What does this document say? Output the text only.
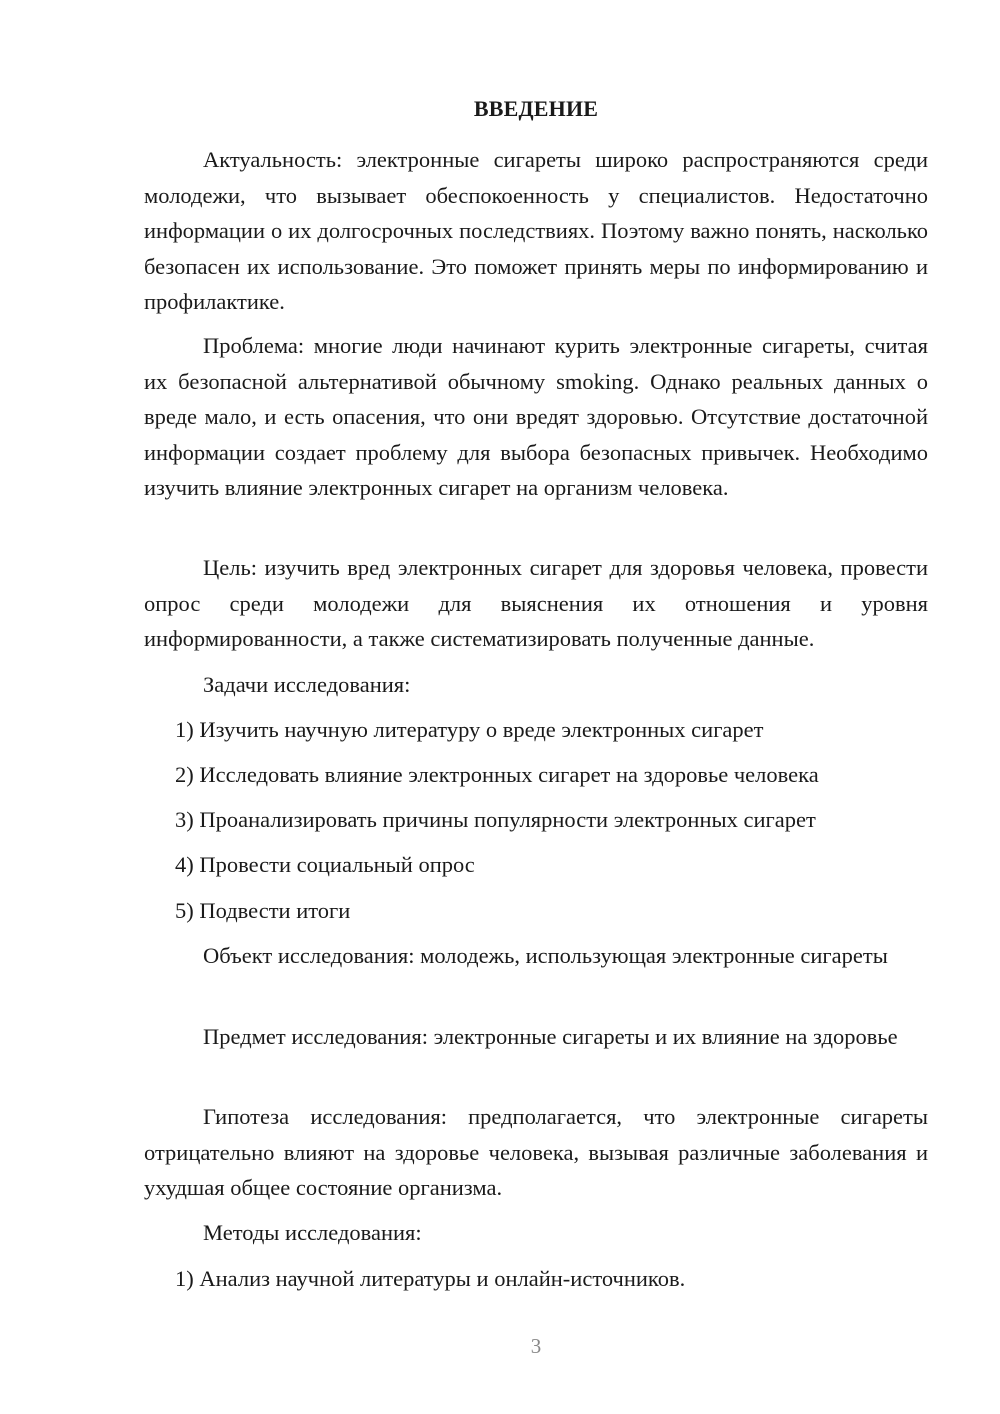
ВВЕДЕНИЕ

Актуальность: электронные сигареты широко распространяются среди молодежи, что вызывает обеспокоенность у специалистов. Недостаточно информации о их долгосрочных последствиях. Поэтому важно понять, насколько безопасен их использование. Это поможет принять меры по информированию и профилактике.

Проблема: многие люди начинают курить электронные сигареты, считая их безопасной альтернативой обычному smoking. Однако реальных данных о вреде мало, и есть опасения, что они вредят здоровью. Отсутствие достаточной информации создает проблему для выбора безопасных привычек. Необходимо изучить влияние электронных сигарет на организм человека.

Цель: изучить вред электронных сигарет для здоровья человека, провести опрос среди молодежи для выяснения их отношения и уровня информированности, а также систематизировать полученные данные.

Задачи исследования:

1) Изучить научную литературу о вреде электронных сигарет

2) Исследовать влияние электронных сигарет на здоровье человека

3) Проанализировать причины популярности электронных сигарет

4) Провести социальный опрос

5) Подвести итоги

Объект исследования: молодежь, использующая электронные сигареты

Предмет исследования: электронные сигареты и их влияние на здоровье

Гипотеза исследования: предполагается, что электронные сигареты отрицательно влияют на здоровье человека, вызывая различные заболевания и ухудшая общее состояние организма.

Методы исследования:

1) Анализ научной литературы и онлайн-источников.

3
